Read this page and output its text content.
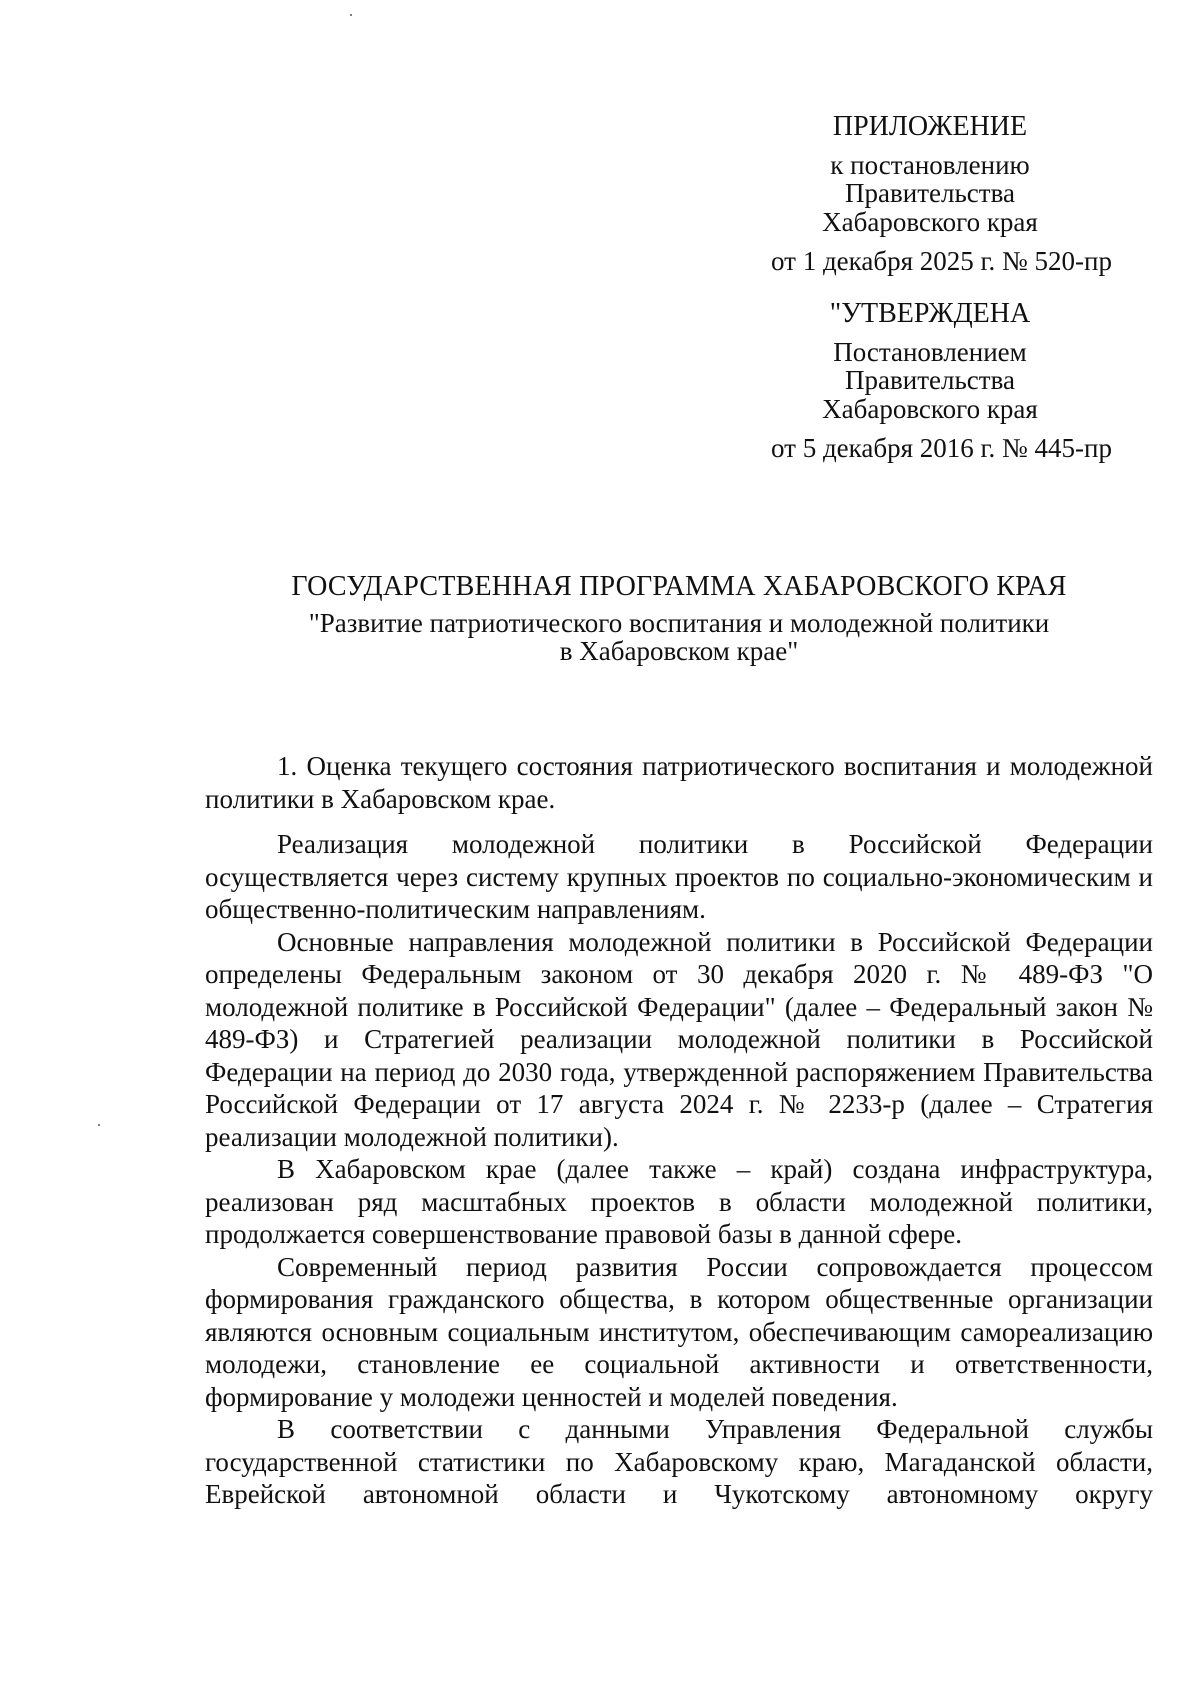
ПРИЛОЖЕНИЕ
к постановлению
Правительства
Хабаровского края
от 1 декабря 2025 г. № 520-пр
"УТВЕРЖДЕНА
Постановлением
Правительства
Хабаровского края
от 5 декабря 2016 г. № 445-пр
ГОСУДАРСТВЕННАЯ ПРОГРАММА ХАБАРОВСКОГО КРАЯ
"Развитие патриотического воспитания и молодежной политики
в Хабаровском крае"

1. Оценка текущего состояния патриотического воспитания и молодежной политики в Хабаровском крае.

Реализация молодежной политики в Российской Федерации осуществляется через систему крупных проектов по социально-экономическим и общественно-политическим направлениям.

Основные направления молодежной политики в Российской Федерации определены Федеральным законом от 30 декабря 2020 г. № 489-ФЗ "О молодежной политике в Российской Федерации" (далее – Федеральный закон № 489-ФЗ) и Стратегией реализации молодежной политики в Российской Федерации на период до 2030 года, утвержденной распоряжением Правительства Российской Федерации от 17 августа 2024 г. № 2233-р (далее – Стратегия реализации молодежной политики).

В Хабаровском крае (далее также – край) создана инфраструктура, реализован ряд масштабных проектов в области молодежной политики, продолжается совершенствование правовой базы в данной сфере.

Современный период развития России сопровождается процессом формирования гражданского общества, в котором общественные организации являются основным социальным институтом, обеспечивающим самореализацию молодежи, становление ее социальной активности и ответственности, формирование у молодежи ценностей и моделей поведения.

В соответствии с данными Управления Федеральной службы государственной статистики по Хабаровскому краю, Магаданской области, Еврейской автономной области и Чукотскому автономному округу
